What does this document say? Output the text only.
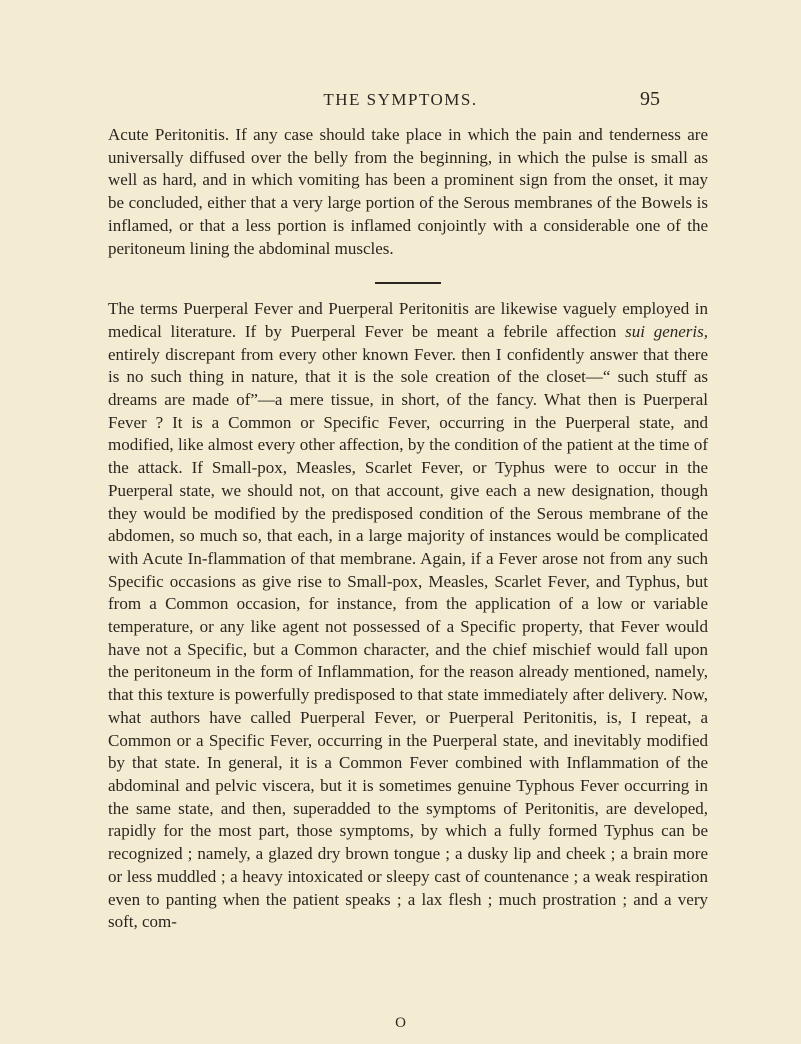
THE SYMPTOMS.	95

Acute Peritonitis. If any case should take place in which the pain and tenderness are universally diffused over the belly from the beginning, in which the pulse is small as well as hard, and in which vomiting has been a prominent sign from the onset, it may be concluded, either that a very large portion of the Serous membranes of the Bowels is inflamed, or that a less portion is inflamed conjointly with a considerable one of the peritoneum lining the abdominal muscles.

The terms Puerperal Fever and Puerperal Peritonitis are likewise vaguely employed in medical literature. If by Puerperal Fever be meant a febrile affection sui generis, entirely discrepant from every other known Fever. then I confidently answer that there is no such thing in nature, that it is the sole creation of the closet—“ such stuff as dreams are made of”—a mere tissue, in short, of the fancy. What then is Puerperal Fever ? It is a Common or Specific Fever, occurring in the Puerperal state, and modified, like almost every other affection, by the condition of the patient at the time of the attack. If Small-pox, Measles, Scarlet Fever, or Typhus were to occur in the Puerperal state, we should not, on that account, give each a new designation, though they would be modified by the predisposed condition of the Serous membrane of the abdomen, so much so, that each, in a large majority of instances would be complicated with Acute In-flammation of that membrane. Again, if a Fever arose not from any such Specific occasions as give rise to Small-pox, Measles, Scarlet Fever, and Typhus, but from a Common occasion, for instance, from the application of a low or variable temperature, or any like agent not possessed of a Specific property, that Fever would have not a Specific, but a Common character, and the chief mischief would fall upon the peritoneum in the form of Inflammation, for the reason already mentioned, namely, that this texture is powerfully predisposed to that state immediately after delivery. Now, what authors have called Puerperal Fever, or Puerperal Peritonitis, is, I repeat, a Common or a Specific Fever, occurring in the Puerperal state, and inevitably modified by that state. In general, it is a Common Fever combined with Inflammation of the abdominal and pelvic viscera, but it is sometimes genuine Typhous Fever occurring in the same state, and then, superadded to the symptoms of Peritonitis, are developed, rapidly for the most part, those symptoms, by which a fully formed Typhus can be recognized ; namely, a glazed dry brown tongue ; a dusky lip and cheek ; a brain more or less muddled ; a heavy intoxicated or sleepy cast of countenance ; a weak respiration even to panting when the patient speaks ; a lax flesh ; much prostration ; and a very soft, com-

O
